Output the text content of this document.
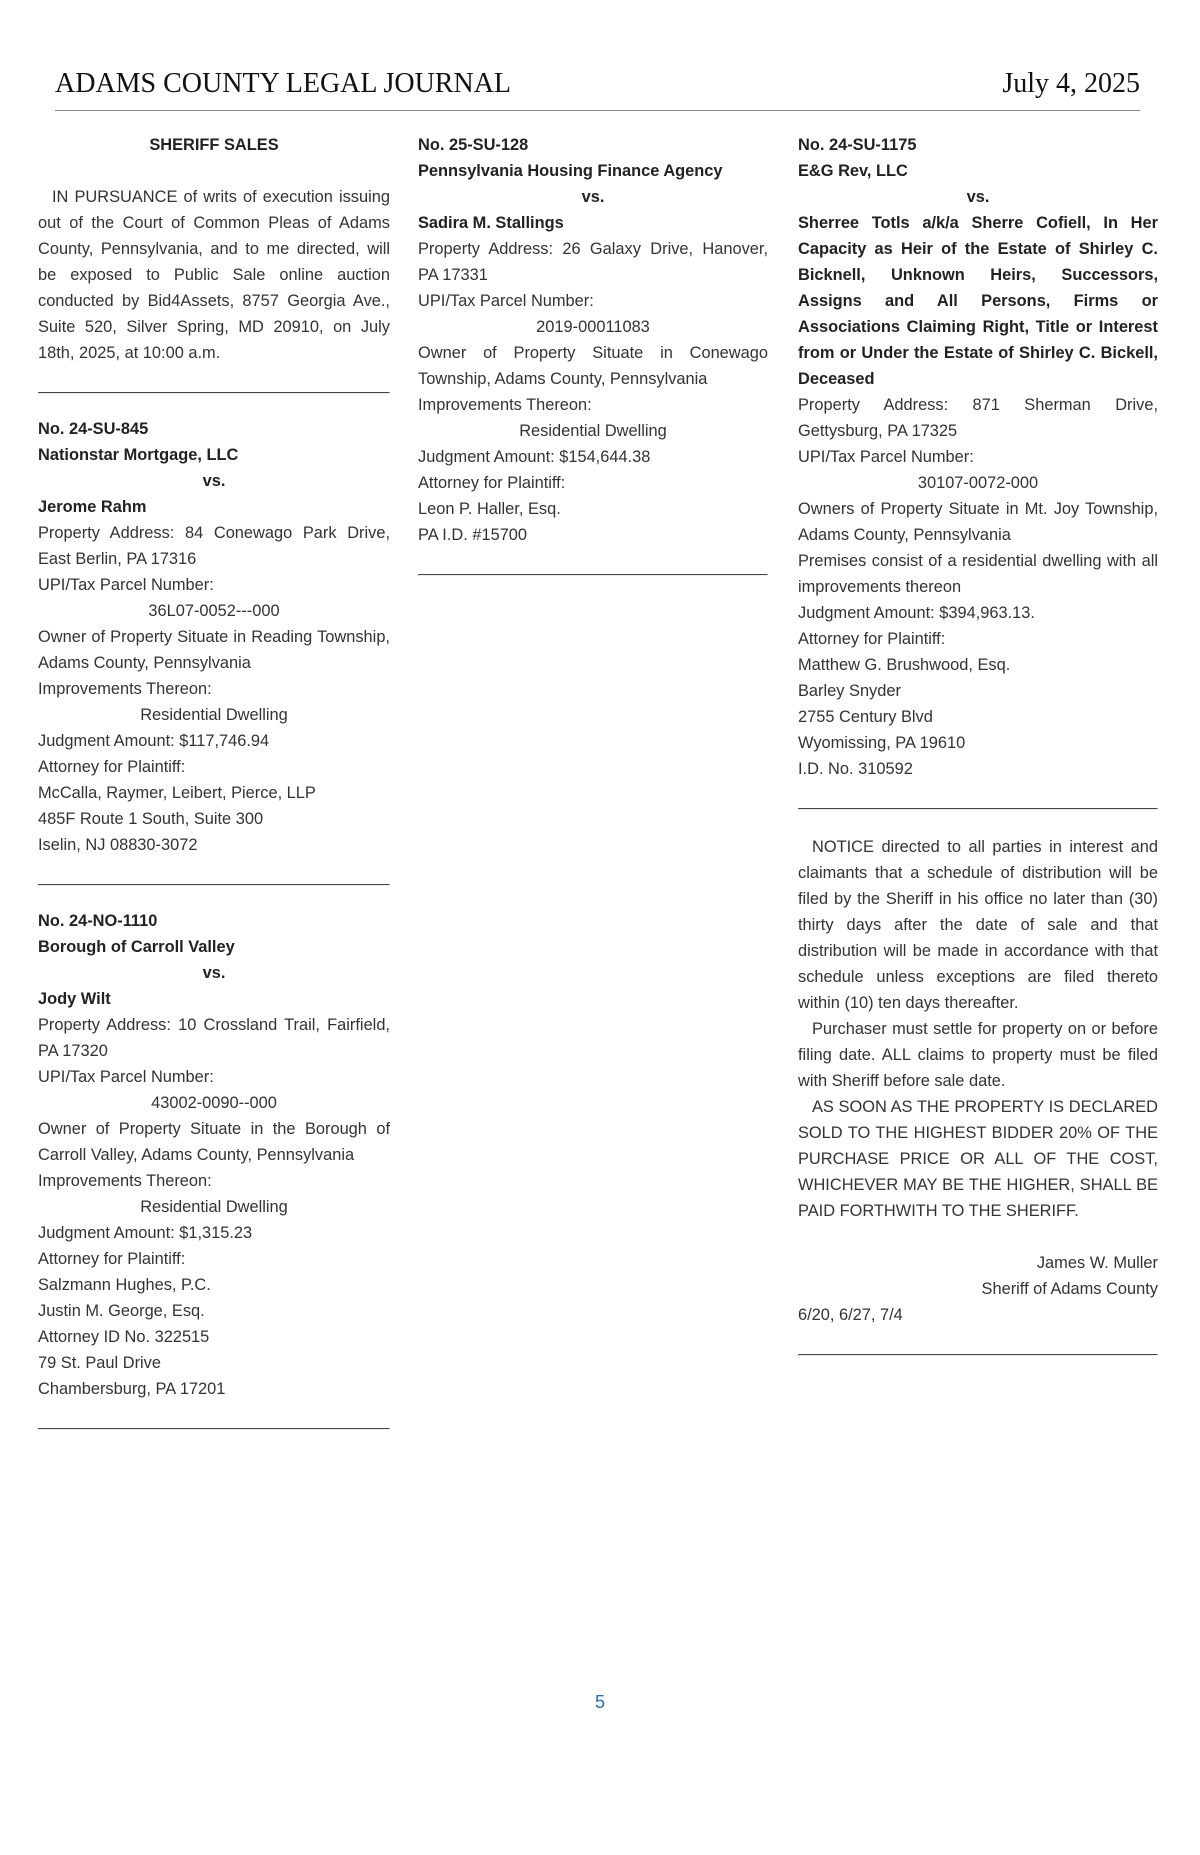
ADAMS COUNTY LEGAL JOURNAL	July 4, 2025

SHERIFF SALES

IN PURSUANCE of writs of execution issuing out of the Court of Common Pleas of Adams County, Pennsylvania, and to me directed, will be exposed to Public Sale online auction conducted by Bid4Assets, 8757 Georgia Ave., Suite 520, Silver Spring, MD 20910, on July 18th, 2025, at 10:00 a.m.

No. 24-SU-845

Nationstar Mortgage, LLC

vs.

Jerome Rahm

Property Address: 84 Conewago Park Drive, East Berlin, PA 17316

UPI/Tax Parcel Number:

36L07-0052---000

Owner of Property Situate in Reading Township, Adams County, Pennsylvania

Improvements Thereon:

Residential Dwelling

Judgment Amount: $117,746.94

Attorney for Plaintiff:

McCalla, Raymer, Leibert, Pierce, LLP

485F Route 1 South, Suite 300

Iselin, NJ 08830-3072

No. 24-NO-1110

Borough of Carroll Valley

vs.

Jody Wilt

Property Address: 10 Crossland Trail, Fairfield, PA 17320

UPI/Tax Parcel Number:

43002-0090--000

Owner of Property Situate in the Borough of Carroll Valley, Adams County, Pennsylvania

Improvements Thereon:

Residential Dwelling

Judgment Amount: $1,315.23

Attorney for Plaintiff:

Salzmann Hughes, P.C.

Justin M. George, Esq.

Attorney ID No. 322515

79 St. Paul Drive

Chambersburg, PA 17201

No. 25-SU-128

Pennsylvania Housing Finance Agency

vs.

Sadira M. Stallings

Property Address: 26 Galaxy Drive, Hanover, PA 17331

UPI/Tax Parcel Number:

2019-00011083

Owner of Property Situate in Conewago Township, Adams County, Pennsylvania

Improvements Thereon:

Residential Dwelling

Judgment Amount: $154,644.38

Attorney for Plaintiff:

Leon P. Haller, Esq.

PA I.D. #15700

No. 24-SU-1175

E&G Rev, LLC

vs.

Sherree Totls a/k/a Sherre Cofiell, In Her Capacity as Heir of the Estate of Shirley C. Bicknell, Unknown Heirs, Successors, Assigns and All Persons, Firms or Associations Claiming Right, Title or Interest from or Under the Estate of Shirley C. Bickell, Deceased

Property Address: 871 Sherman Drive, Gettysburg, PA 17325

UPI/Tax Parcel Number:

30107-0072-000

Owners of Property Situate in Mt. Joy Township, Adams County, Pennsylvania

Premises consist of a residential dwelling with all improvements thereon

Judgment Amount: $394,963.13.

Attorney for Plaintiff:

Matthew G. Brushwood, Esq.

Barley Snyder

2755 Century Blvd

Wyomissing, PA 19610

I.D. No. 310592

NOTICE directed to all parties in interest and claimants that a schedule of distribution will be filed by the Sheriff in his office no later than (30) thirty days after the date of sale and that distribution will be made in accordance with that schedule unless exceptions are filed thereto within (10) ten days thereafter.

Purchaser must settle for property on or before filing date. ALL claims to property must be filed with Sheriff before sale date.

AS SOON AS THE PROPERTY IS DECLARED SOLD TO THE HIGHEST BIDDER 20% OF THE PURCHASE PRICE OR ALL OF THE COST, WHICHEVER MAY BE THE HIGHER, SHALL BE PAID FORTHWITH TO THE SHERIFF.

James W. Muller

Sheriff of Adams County

6/20, 6/27, 7/4

5
